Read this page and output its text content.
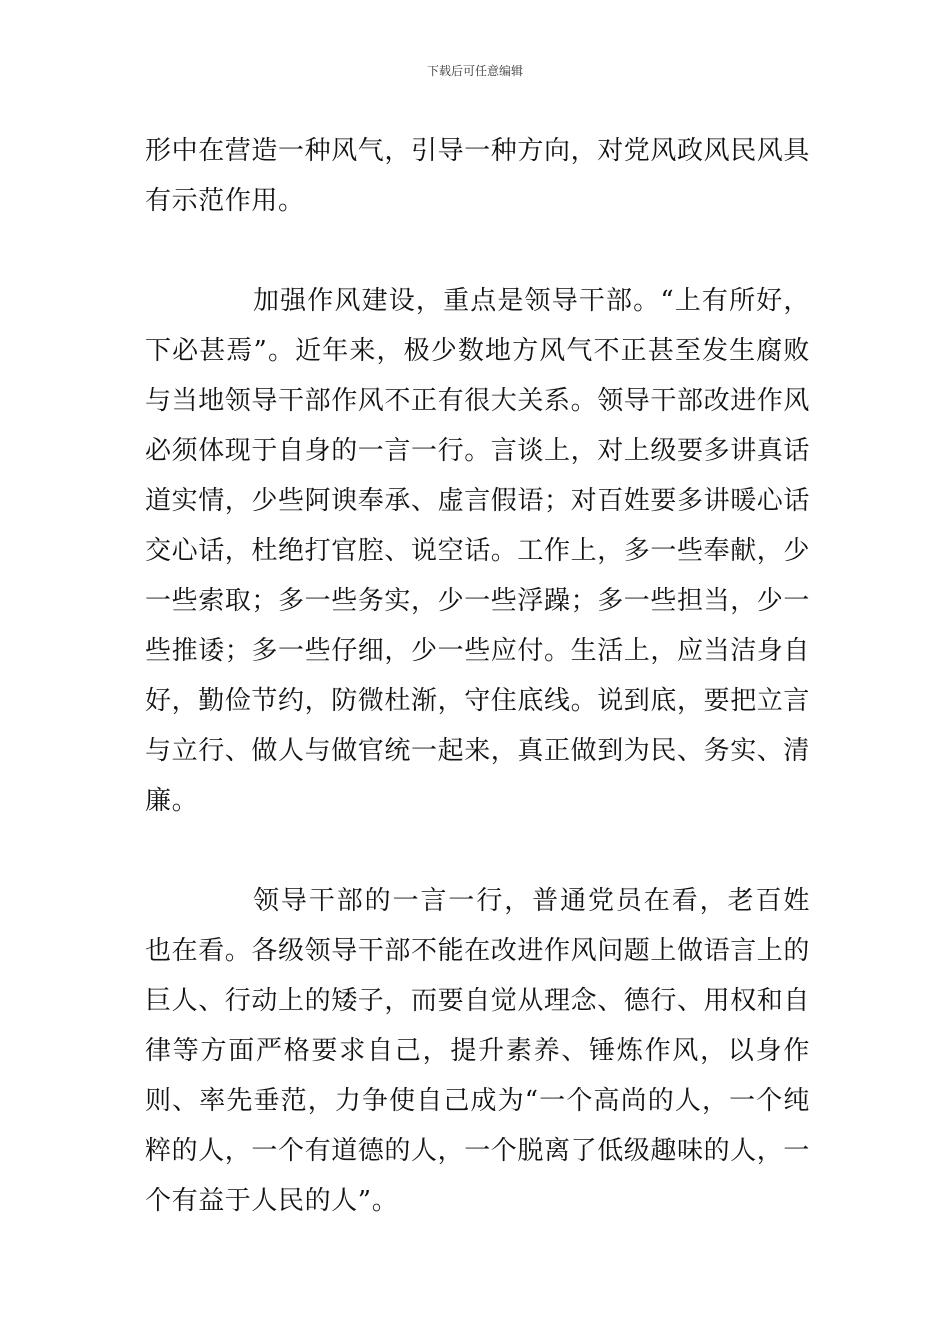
下载后可任意编辑

形中在营造一种风气，引导一种方向，对党风政风民风具有示范作用。

加强作风建设，重点是领导干部。“上有所好，下必甚焉”。近年来，极少数地方风气不正甚至发生腐败与当地领导干部作风不正有很大关系。领导干部改进作风必须体现于自身的一言一行。言谈上，对上级要多讲真话道实情，少些阿谀奉承、虚言假语；对百姓要多讲暖心话交心话，杜绝打官腔、说空话。工作上，多一些奉献，少一些索取；多一些务实，少一些浮躁；多一些担当，少一些推诿；多一些仔细，少一些应付。生活上，应当洁身自好，勤俭节约，防微杜渐，守住底线。说到底，要把立言与立行、做人与做官统一起来，真正做到为民、务实、清廉。

领导干部的一言一行，普通党员在看，老百姓也在看。各级领导干部不能在改进作风问题上做语言上的巨人、行动上的矮子，而要自觉从理念、德行、用权和自律等方面严格要求自己，提升素养、锤炼作风，以身作则、率先垂范，力争使自己成为“一个高尚的人，一个纯粹的人，一个有道德的人，一个脱离了低级趣味的人，一个有益于人民的人”。
